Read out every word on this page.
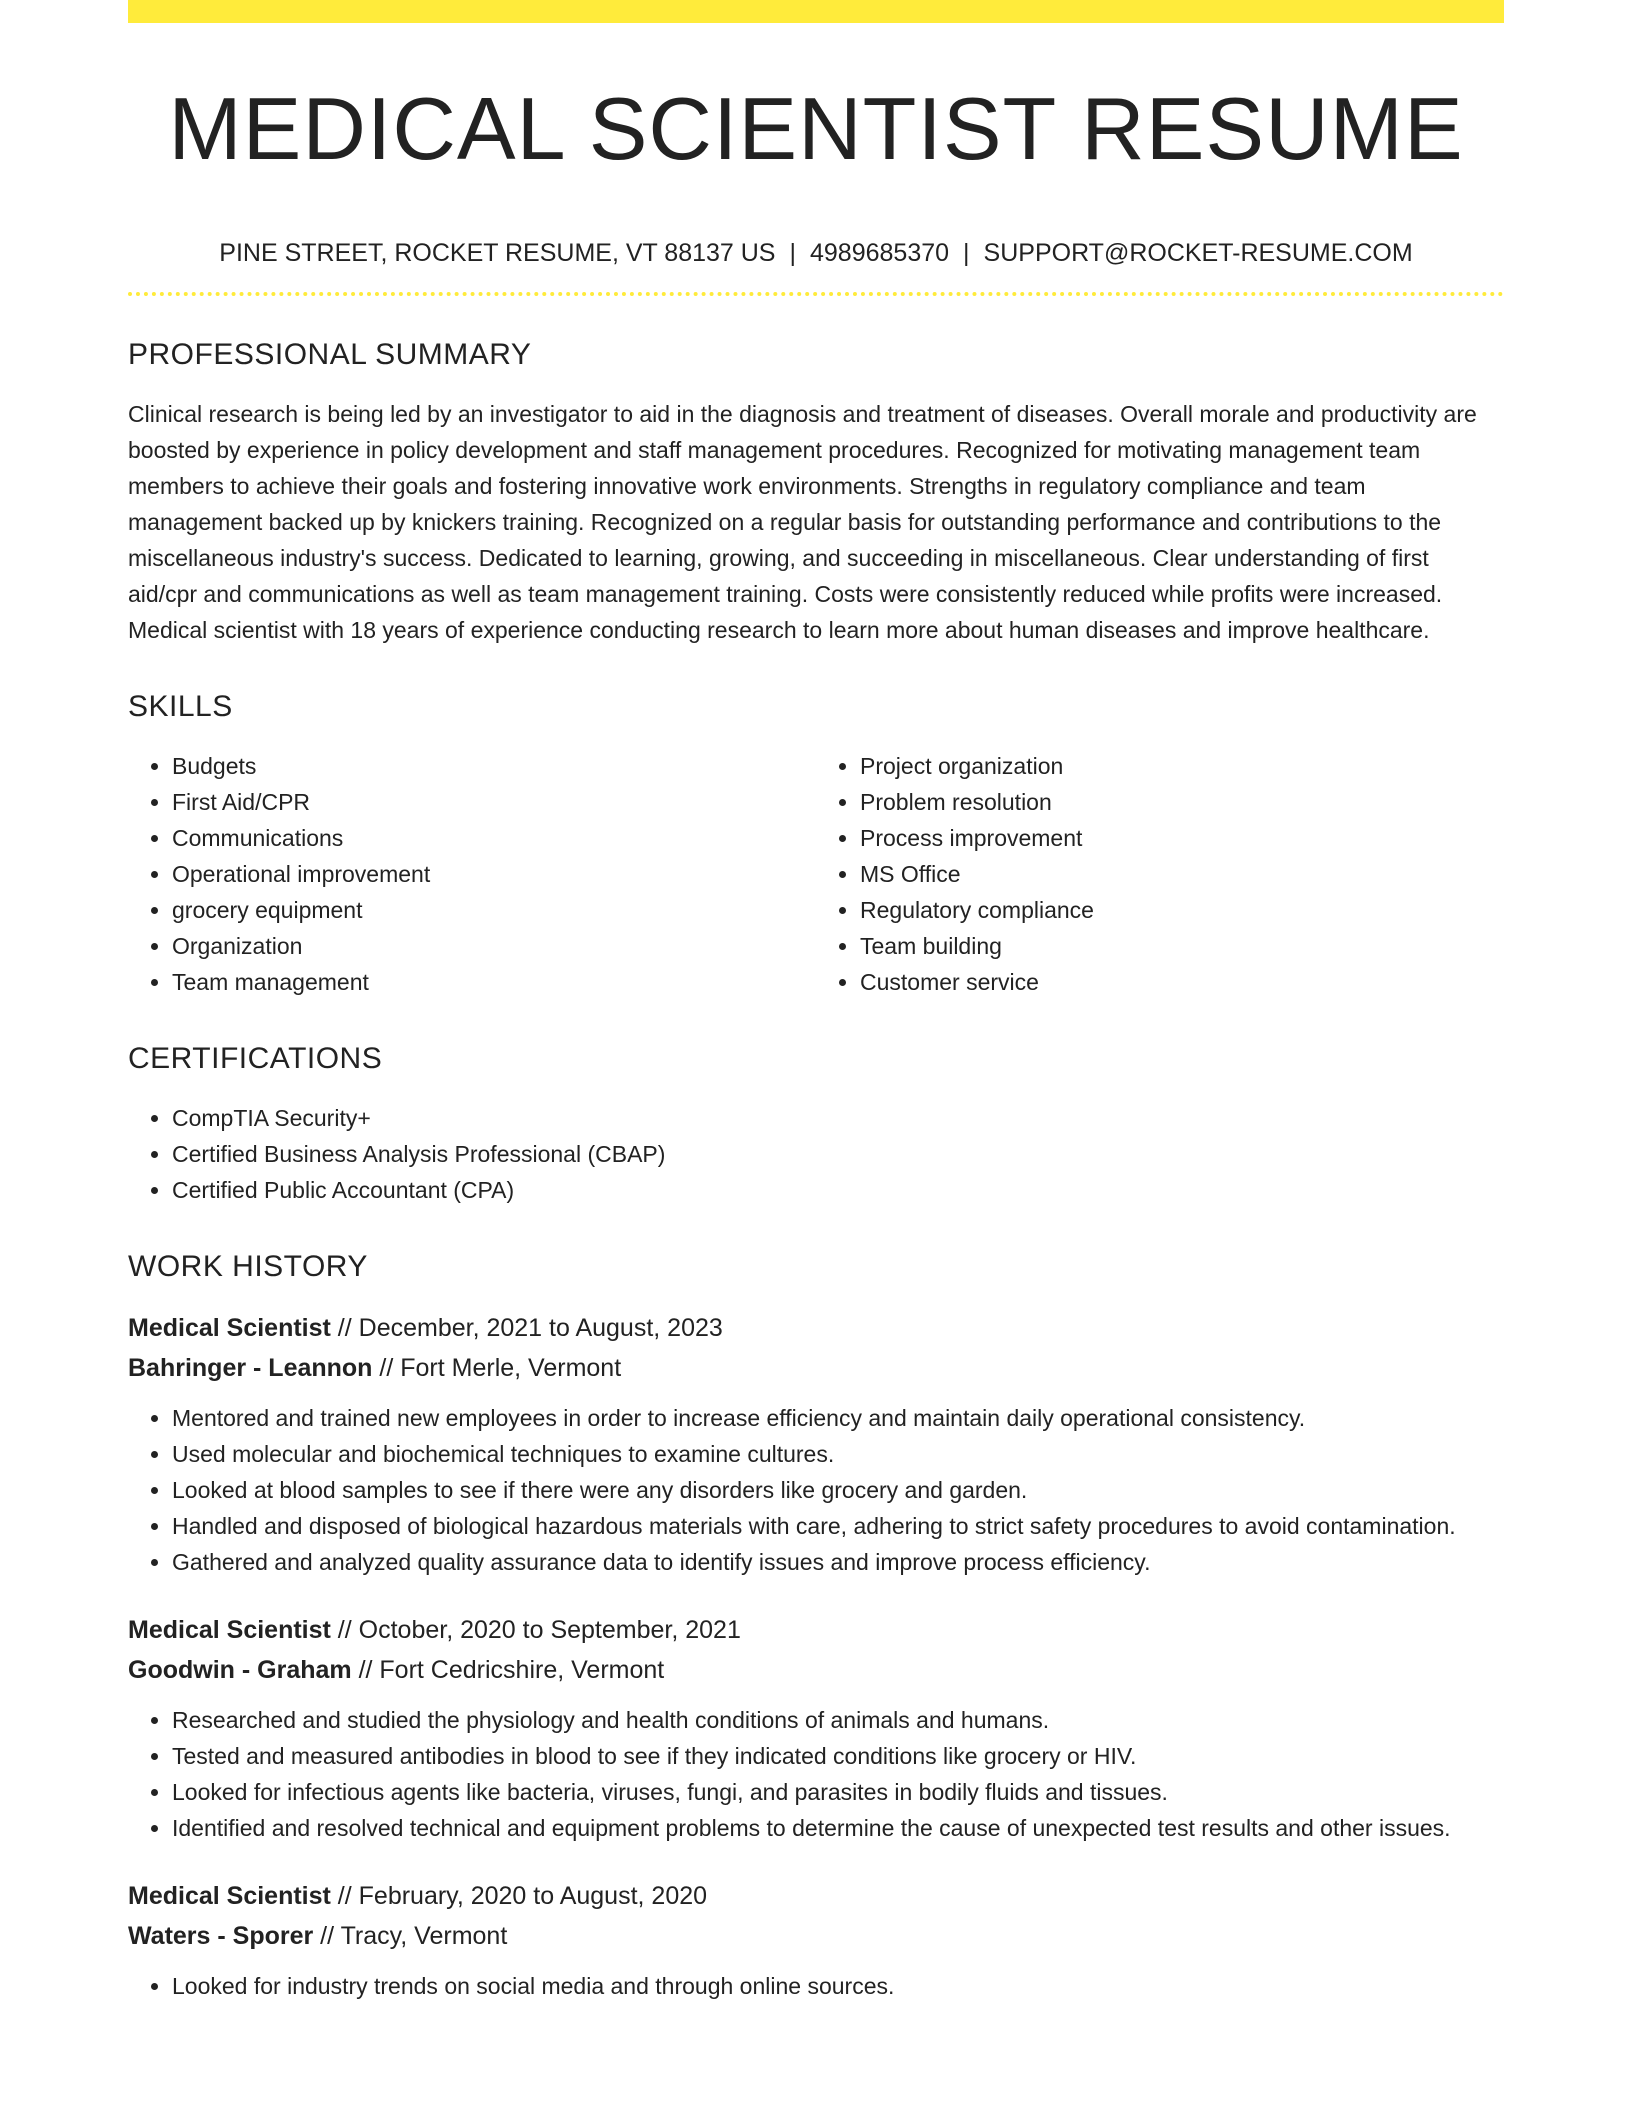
MEDICAL SCIENTIST RESUME
PINE STREET, ROCKET RESUME, VT 88137 US | 4989685370 | SUPPORT@ROCKET-RESUME.COM
PROFESSIONAL SUMMARY

Clinical research is being led by an investigator to aid in the diagnosis and treatment of diseases. Overall morale and productivity are boosted by experience in policy development and staff management procedures. Recognized for motivating management team members to achieve their goals and fostering innovative work environments. Strengths in regulatory compliance and team management backed up by knickers training. Recognized on a regular basis for outstanding performance and contributions to the miscellaneous industry's success. Dedicated to learning, growing, and succeeding in miscellaneous. Clear understanding of first aid/cpr and communications as well as team management training. Costs were consistently reduced while profits were increased. Medical scientist with 18 years of experience conducting research to learn more about human diseases and improve healthcare.

SKILLS
• Budgets
• First Aid/CPR
• Communications
• Operational improvement
• grocery equipment
• Organization
• Team management
• Project organization
• Problem resolution
• Process improvement
• MS Office
• Regulatory compliance
• Team building
• Customer service
CERTIFICATIONS
• CompTIA Security+
• Certified Business Analysis Professional (CBAP)
• Certified Public Accountant (CPA)
WORK HISTORY
Medical Scientist // December, 2021 to August, 2023
Bahringer - Leannon // Fort Merle, Vermont
• Mentored and trained new employees in order to increase efficiency and maintain daily operational consistency.
• Used molecular and biochemical techniques to examine cultures.
• Looked at blood samples to see if there were any disorders like grocery and garden.
• Handled and disposed of biological hazardous materials with care, adhering to strict safety procedures to avoid contamination.
• Gathered and analyzed quality assurance data to identify issues and improve process efficiency.
Medical Scientist // October, 2020 to September, 2021
Goodwin - Graham // Fort Cedricshire, Vermont
• Researched and studied the physiology and health conditions of animals and humans.
• Tested and measured antibodies in blood to see if they indicated conditions like grocery or HIV.
• Looked for infectious agents like bacteria, viruses, fungi, and parasites in bodily fluids and tissues.
• Identified and resolved technical and equipment problems to determine the cause of unexpected test results and other issues.
Medical Scientist // February, 2020 to August, 2020
Waters - Sporer // Tracy, Vermont
• Looked for industry trends on social media and through online sources.
